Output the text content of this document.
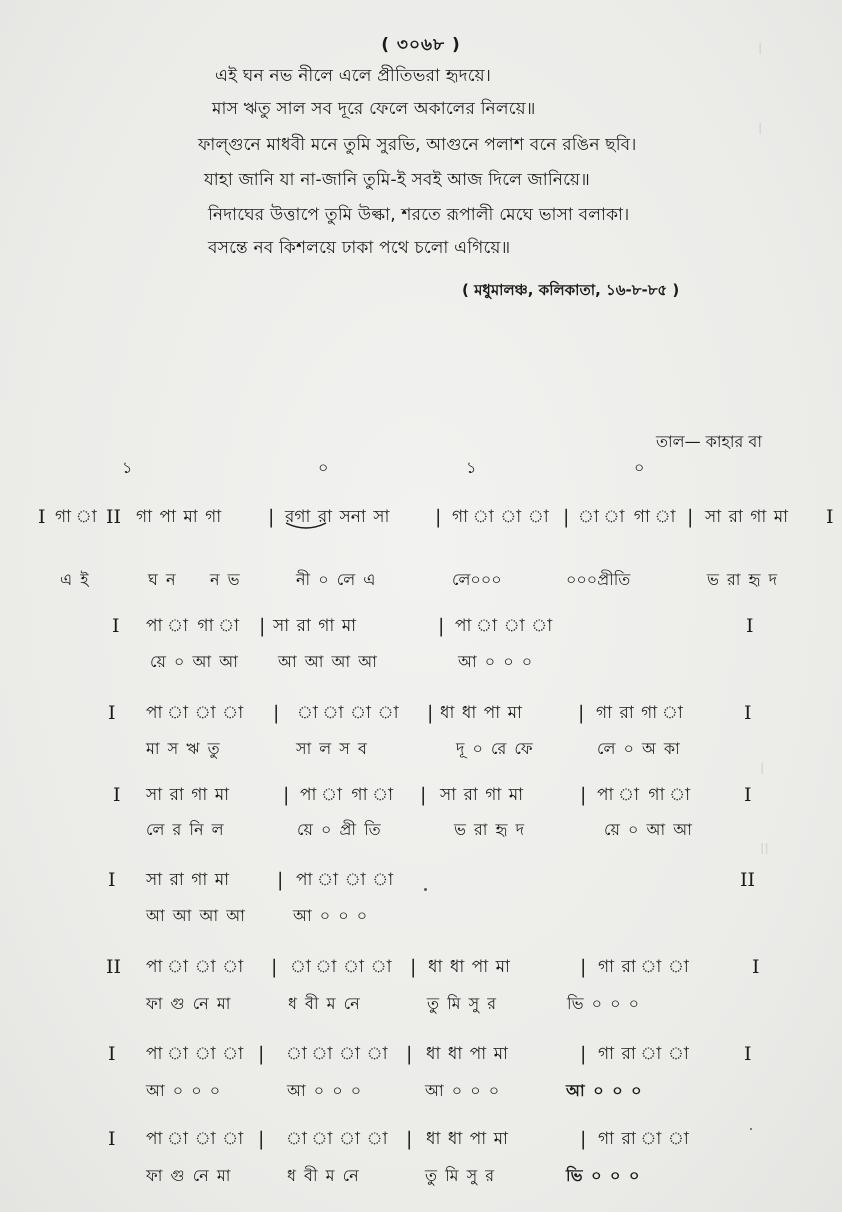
I
I
II
I
( ৩০৬৮ )
এই ঘন নভ নীলে এলে প্রীতিভরা হৃদয়ে।
মাস ঋতু সাল সব দূরে ফেলে অকালের নিলয়ে॥
ফাল্গুনে মাধবী মনে তুমি সুরভি, আগুনে পলাশ বনে রঙিন ছবি।
যাহা জানি যা না-জানি তুমি-ই সবই আজ দিলে জানিয়ে॥
নিদাঘের উত্তাপে তুমি উল্কা, শরতে রূপালী মেঘে ভাসা বলাকা।
বসন্তে নব কিশলয়ে ঢাকা পথে চলো এগিয়ে॥
( মধুমালঞ্চ, কলিকাতা, ১৬-৮-৮৫ )
তাল— কাহার বা
১	০	১	০
I গা া II গা পা মা গা | রগা রা সনা সা | গা া া া | া া গা া | সা রা গা মা I
এ ই	ঘ ন ন ভ	নী ০ লে এ	লে০০০	০০০প্রীতি	ভ রা হৃ দ
I পা া গা া | সা রা গা মা	| পা া া া	I
য়ে ০ আ আ	আ আ আ আ	আ ০ ০ ০
I পা া া া | া া া া | ধা ধা পা মা	| গা রা গা া	I
মা স ঋ তু	সা ল স ব	দূ ০ রে ফে	লে ০ অ কা
I সা রা গা মা	| পা া গা া | সা রা গা মা	| পা া গা া	I
লে র নি ল	য়ে ০ প্রী তি	ভ রা হৃ দ	য়ে ০ আ আ
I সা রা গা মা	| পা া া া	II
আ আ আ আ	আ ০ ০ ০
II পা া া া | া া া া | ধা ধা পা মা	| গা রা া া	I
ফা গু নে মা	ধ বী ম নে	তু মি সু র	ভি ০ ০ ০
I পা া া া | া া া া | ধা ধা পা মা	| গা রা া া	I
আ ০ ০ ০	আ ০ ০ ০	আ ০ ০ ০	আ ০ ০ ০
I পা া া া | া া া া | ধা ধা পা মা	| গা রা া া
ফা গু নে মা	ধ বী ম নে	তু মি সু র	ভি ০ ০ ০
